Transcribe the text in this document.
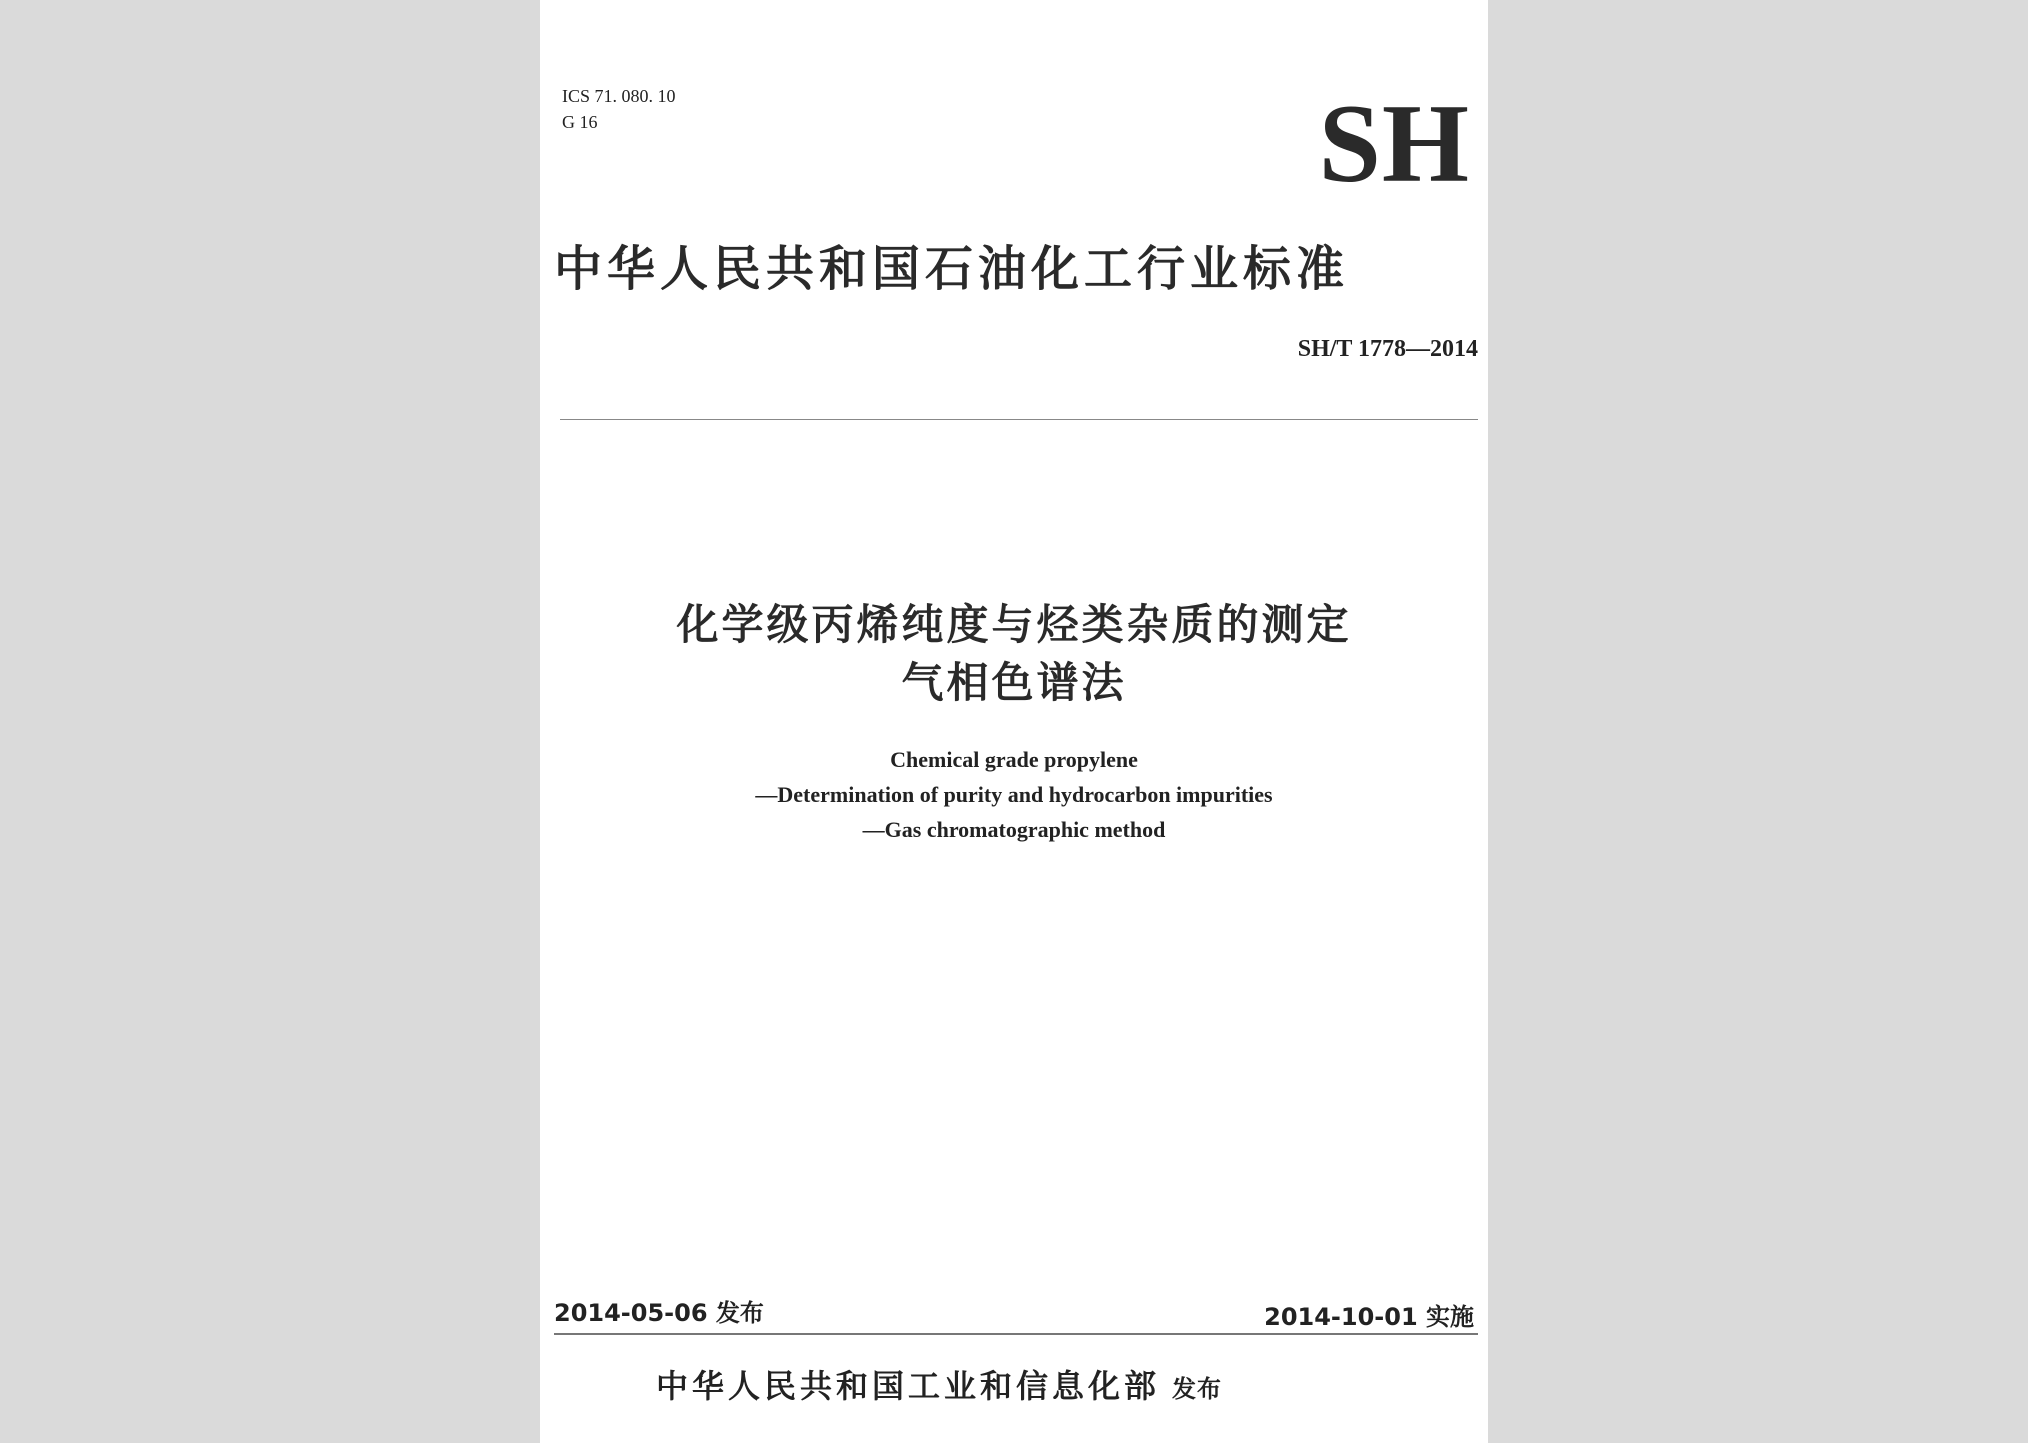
ICS 71. 080. 10
G 16	SH
中华人民共和国石油化工行业标准
SH/T 1778—2014
化学级丙烯纯度与烃类杂质的测定
气相色谱法
Chemical grade propylene
—Determination of purity and hydrocarbon impurities
—Gas chromatographic method
2014-05-06 发布	2014-10-01 实施
中华人民共和国工业和信息化部 发布
